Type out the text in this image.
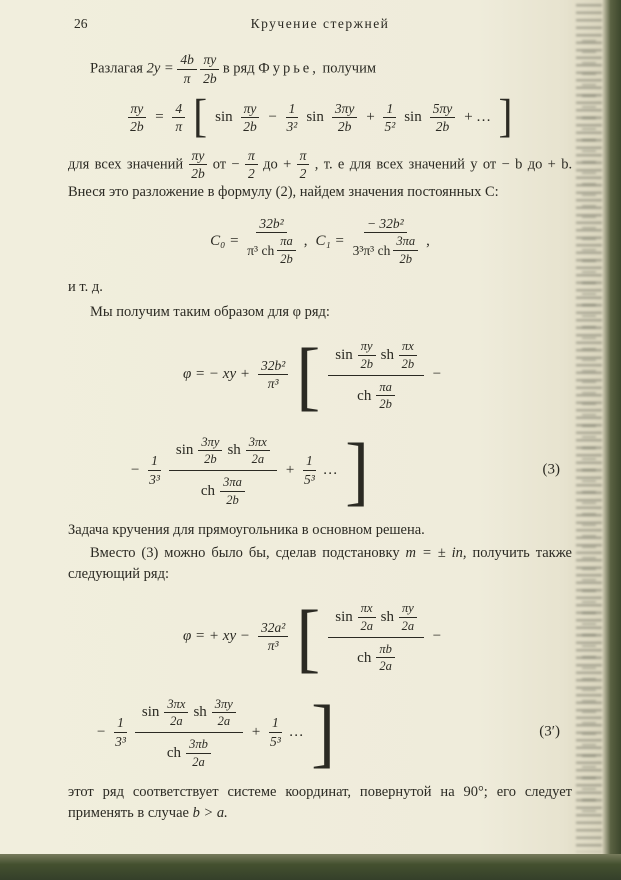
26	Кручение стержней

Разлагая $2y = \frac{4b}{\pi}$
$\frac{\pi y}{2b}$ в ряд Фурье, получим

$\frac{\pi y}{2b} = \frac{4}{\pi}$ [ $\sin \frac{\pi y}{2b} - \frac{1}{\text{3²}}$ $\sin \frac{3\pi y}{2b} + \frac{1}{\text{5²}}$ $\sin \frac{5\pi y}{2b}$ + … ]

для всех значений $\frac{\pi y}{2b}$ от − $\frac{\pi}{2}$ до + $\frac{\pi}{2}$ , т. е для всех значений y от − b до + b. Внеся это разложение в формулу (2), найдем значения постоянных C:

$C_0 = \frac{\text{32b²}}{\pi^3 ch \frac{\pi a}{2b}}$ , $C_1 = \frac{\text{− 32b²}}{3^3\pi^3 ch \frac{3\pi a}{2b}}$ ,

и т. д.

Мы получим таким образом для φ ряд:

φ = − xy + $\frac{\text{32b²}}{\text{π³}}$ [ $\frac{\sin \frac{\pi y}{2b} sh \frac{\pi x}{2b}}{ch \frac{\pi a}{2b}}$ −
− $\frac{1}{\text{3³}} \frac{\sin \frac{3\pi y}{2b} sh \frac{3\pi x}{2a}}{ch \frac{3\pi a}{2b}} + \frac{1}{\text{5³}}$ … ]	(3)

Задача кручения для прямоугольника в основном решена.

Вместо (3) можно было бы, сделав подстановку m = ± in, получить также следующий ряд:

φ = + xy − $\frac{\text{32a²}}{\text{π³}}$ [ $\frac{\sin \frac{\pi x}{2a} sh \frac{\pi y}{2a}}{ch \frac{\pi b}{2a}}$ −
− $\frac{1}{\text{3³}} \frac{\sin \frac{3\pi x}{2a} sh \frac{3\pi y}{2a}}{ch \frac{3\pi b}{2a}} + \frac{1}{\text{5³}}$ … ]	(3′)

этот ряд соответствует системе координат, повернутой на 90°; его следует применять в случае b > a.
